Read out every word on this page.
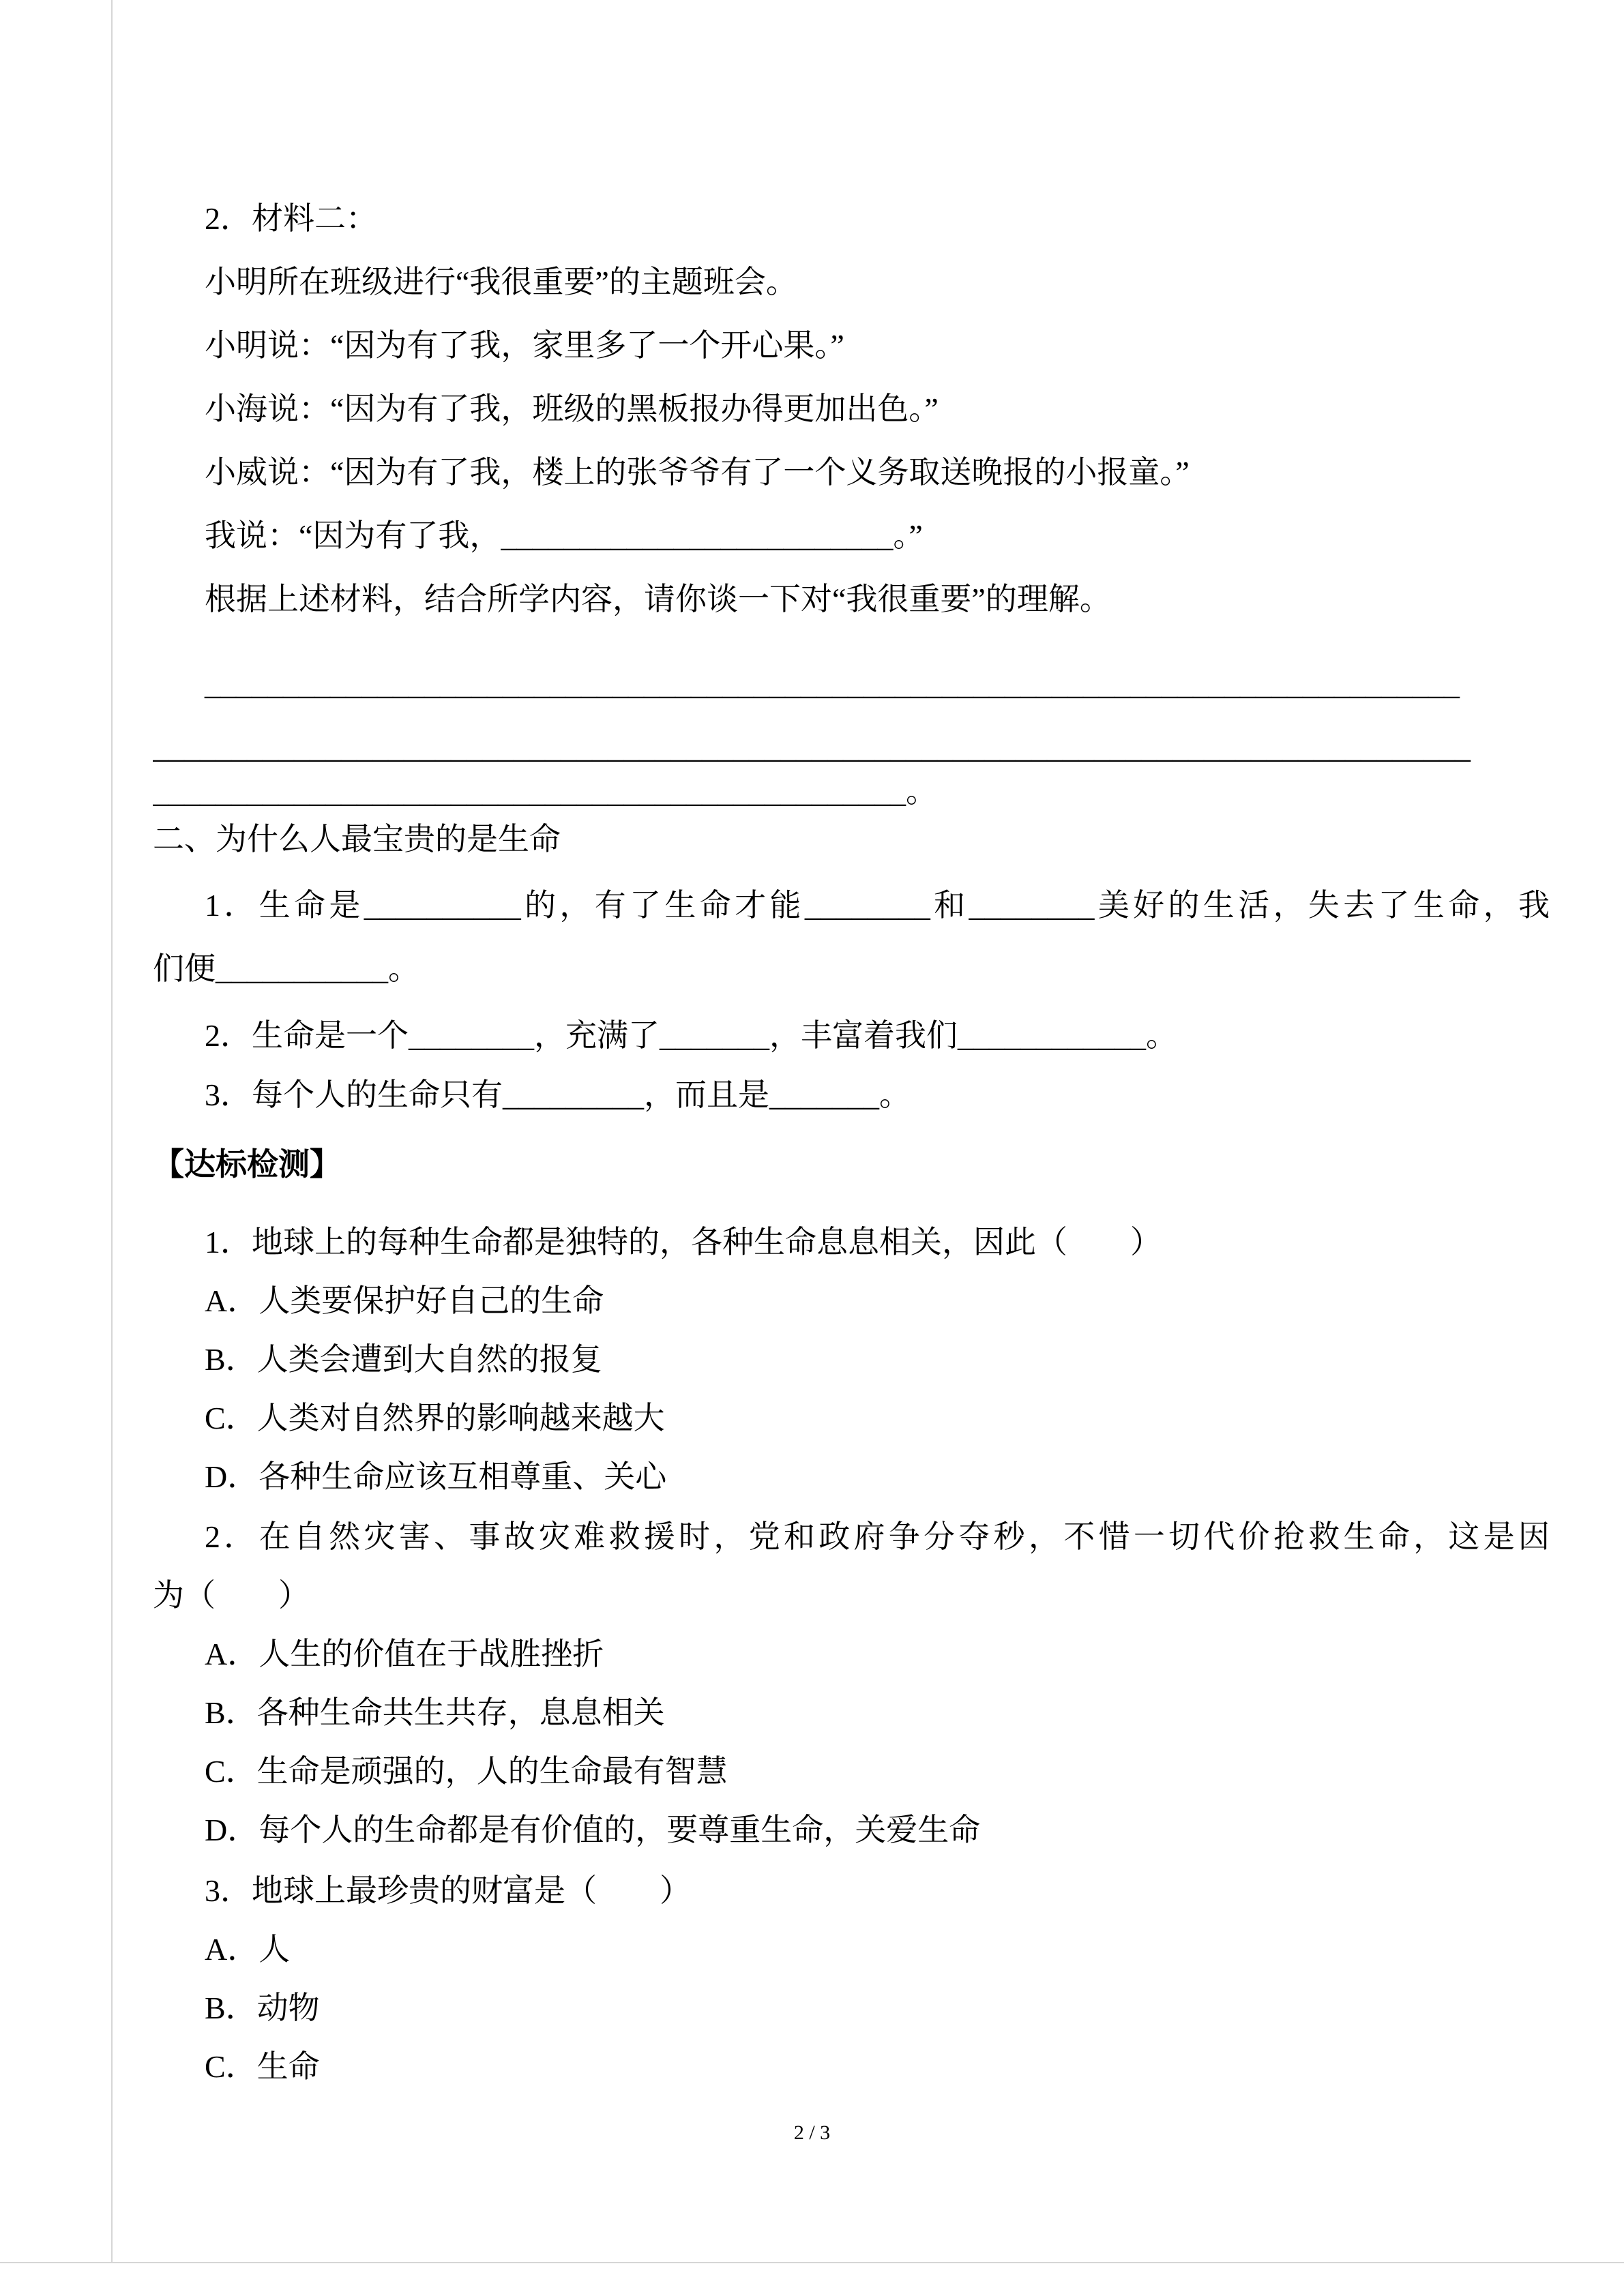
2．材料二：
小明所在班级进行“我很重要”的主题班会。
小明说：“因为有了我，家里多了一个开心果。”
小海说：“因为有了我，班级的黑板报办得更加出色。”
小威说：“因为有了我，楼上的张爷爷有了一个义务取送晚报的小报童。”
我说：“因为有了我，_________________________。”
根据上述材料，结合所学内容，请你谈一下对“我很重要”的理解。
________________________________________________________________________________
____________________________________________________________________________________
________________________________________________。
二、为什么人最宝贵的是生命
1．生命是__________的，有了生命才能________和________美好的生活，失去了生命，我
们便___________。
2．生命是一个________，充满了_______，丰富着我们____________。
3．每个人的生命只有_________，而且是_______。
【达标检测】
1．地球上的每种生命都是独特的，各种生命息息相关，因此（　　）
A．人类要保护好自己的生命
B．人类会遭到大自然的报复
C．人类对自然界的影响越来越大
D．各种生命应该互相尊重、关心
2．在自然灾害、事故灾难救援时，党和政府争分夺秒，不惜一切代价抢救生命，这是因
为（　　）
A．人生的价值在于战胜挫折
B．各种生命共生共存，息息相关
C．生命是顽强的，人的生命最有智慧
D．每个人的生命都是有价值的，要尊重生命，关爱生命
3．地球上最珍贵的财富是（　　）
A．人
B．动物
C．生命
2 / 3
